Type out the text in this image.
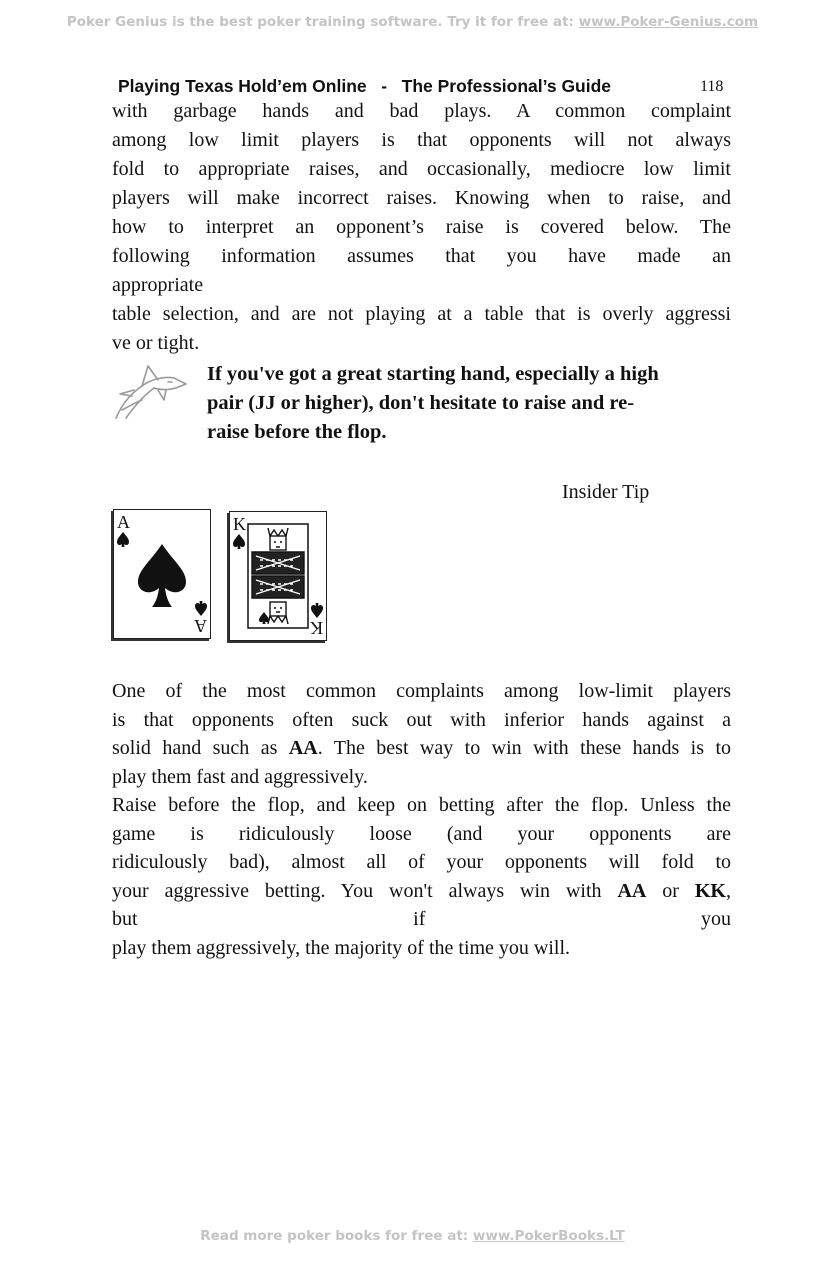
Poker Genius is the best poker training software. Try it for free at: www.Poker-Genius.com
Playing Texas Hold’em Online   -   The Professional’s Guide	118
with garbage hands and bad plays. A common complaint
among low limit players is that opponents will not always
fold to appropriate raises, and occasionally, mediocre low limit
players will make incorrect raises. Knowing when to raise, and
how to interpret an opponent’s raise is covered below. The
following information assumes that you have made an
appropriate
table selection, and are not playing at a table that is overly aggressi
ve or tight.
If you've got a great starting hand, especially a high
pair (JJ or higher), don't hesitate to raise and re-
raise before the flop.
Insider Tip
A
A
K
K
One of the most common complaints among low-limit players
is that opponents often suck out with inferior hands against a
solid hand such as AA. The best way to win with these hands is to
play them fast and aggressively.
Raise before the flop, and keep on betting after the flop. Unless the
game is ridiculously loose (and your opponents are
ridiculously bad), almost all of your opponents will fold to
your aggressive betting. You won't always win with AA or KK,
but                                       if                                       you
play them aggressively, the majority of the time you will.
Read more poker books for free at: www.PokerBooks.LT
